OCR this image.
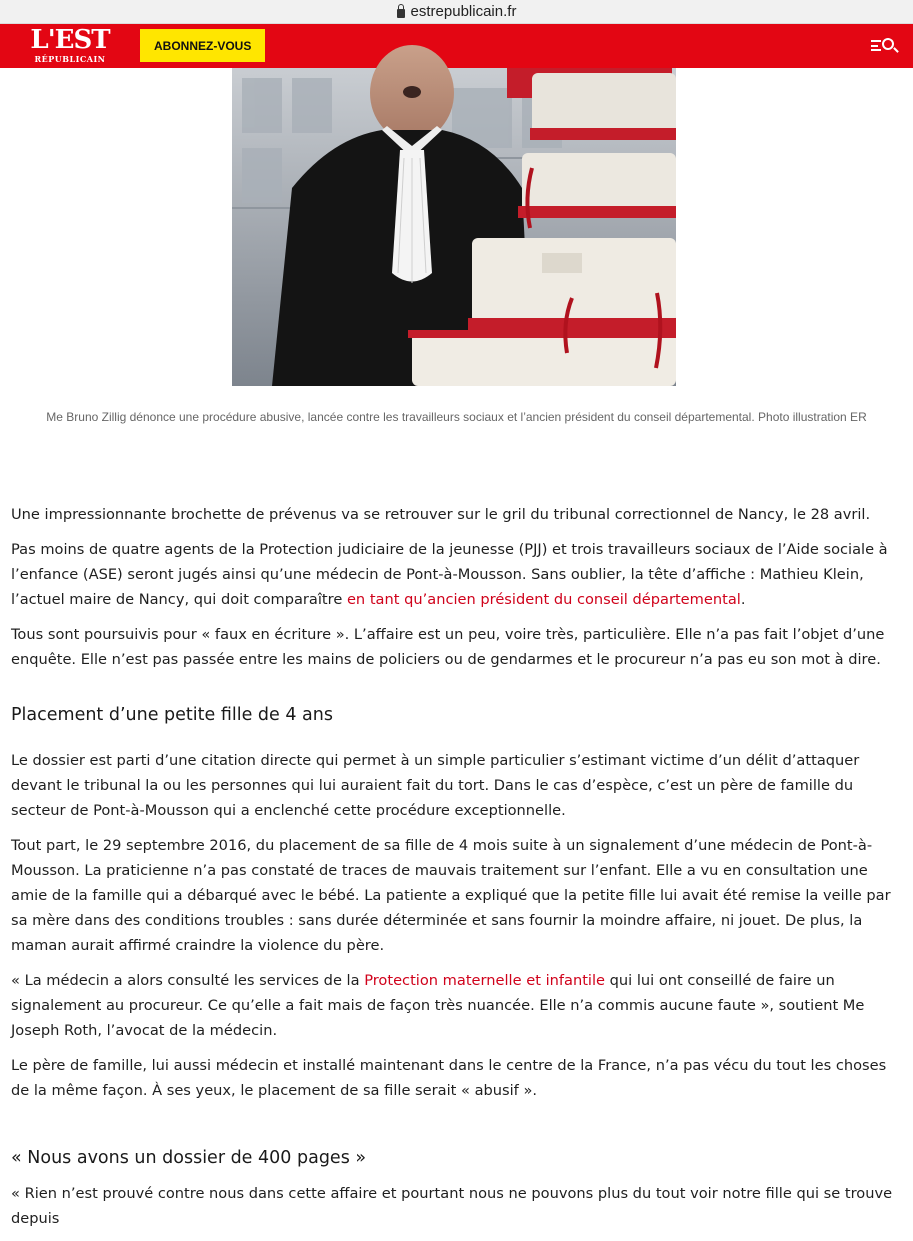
estrepublicain.fr
L'EST
RÉPUBLICAIN
ABONNEZ-VOUS
Me Bruno Zillig dénonce une procédure abusive, lancée contre les travailleurs sociaux et l’ancien président du conseil départemental. Photo illustration ER

Une impressionnante brochette de prévenus va se retrouver sur le gril du tribunal correctionnel de Nancy, le 28 avril.

Pas moins de quatre agents de la Protection judiciaire de la jeunesse (PJJ) et trois travailleurs sociaux de l’Aide sociale à l’enfance (ASE) seront jugés ainsi qu’une médecin de Pont-à-Mousson. Sans oublier, la tête d’affiche : Mathieu Klein, l’actuel maire de Nancy, qui doit comparaître en tant qu’ancien président du conseil départemental.

Tous sont poursuivis pour « faux en écriture ». L’affaire est un peu, voire très, particulière. Elle n’a pas fait l’objet d’une enquête. Elle n’est pas passée entre les mains de policiers ou de gendarmes et le procureur n’a pas eu son mot à dire.

Placement d’une petite fille de 4 ans

Le dossier est parti d’une citation directe qui permet à un simple particulier s’estimant victime d’un délit d’attaquer devant le tribunal la ou les personnes qui lui auraient fait du tort. Dans le cas d’espèce, c’est un père de famille du secteur de Pont-à-Mousson qui a enclenché cette procédure exceptionnelle.

Tout part, le 29 septembre 2016, du placement de sa fille de 4 mois suite à un signalement d’une médecin de Pont-à-Mousson. La praticienne n’a pas constaté de traces de mauvais traitement sur l’enfant. Elle a vu en consultation une amie de la famille qui a débarqué avec le bébé. La patiente a expliqué que la petite fille lui avait été remise la veille par sa mère dans des conditions troubles : sans durée déterminée et sans fournir la moindre affaire, ni jouet. De plus, la maman aurait affirmé craindre la violence du père.

« La médecin a alors consulté les services de la Protection maternelle et infantile qui lui ont conseillé de faire un signalement au procureur. Ce qu’elle a fait mais de façon très nuancée. Elle n’a commis aucune faute », soutient Me Joseph Roth, l’avocat de la médecin.

Le père de famille, lui aussi médecin et installé maintenant dans le centre de la France, n’a pas vécu du tout les choses de la même façon. À ses yeux, le placement de sa fille serait « abusif ».

« Nous avons un dossier de 400 pages »

« Rien n’est prouvé contre nous dans cette affaire et pourtant nous ne pouvons plus du tout voir notre fille qui se trouve depuis
